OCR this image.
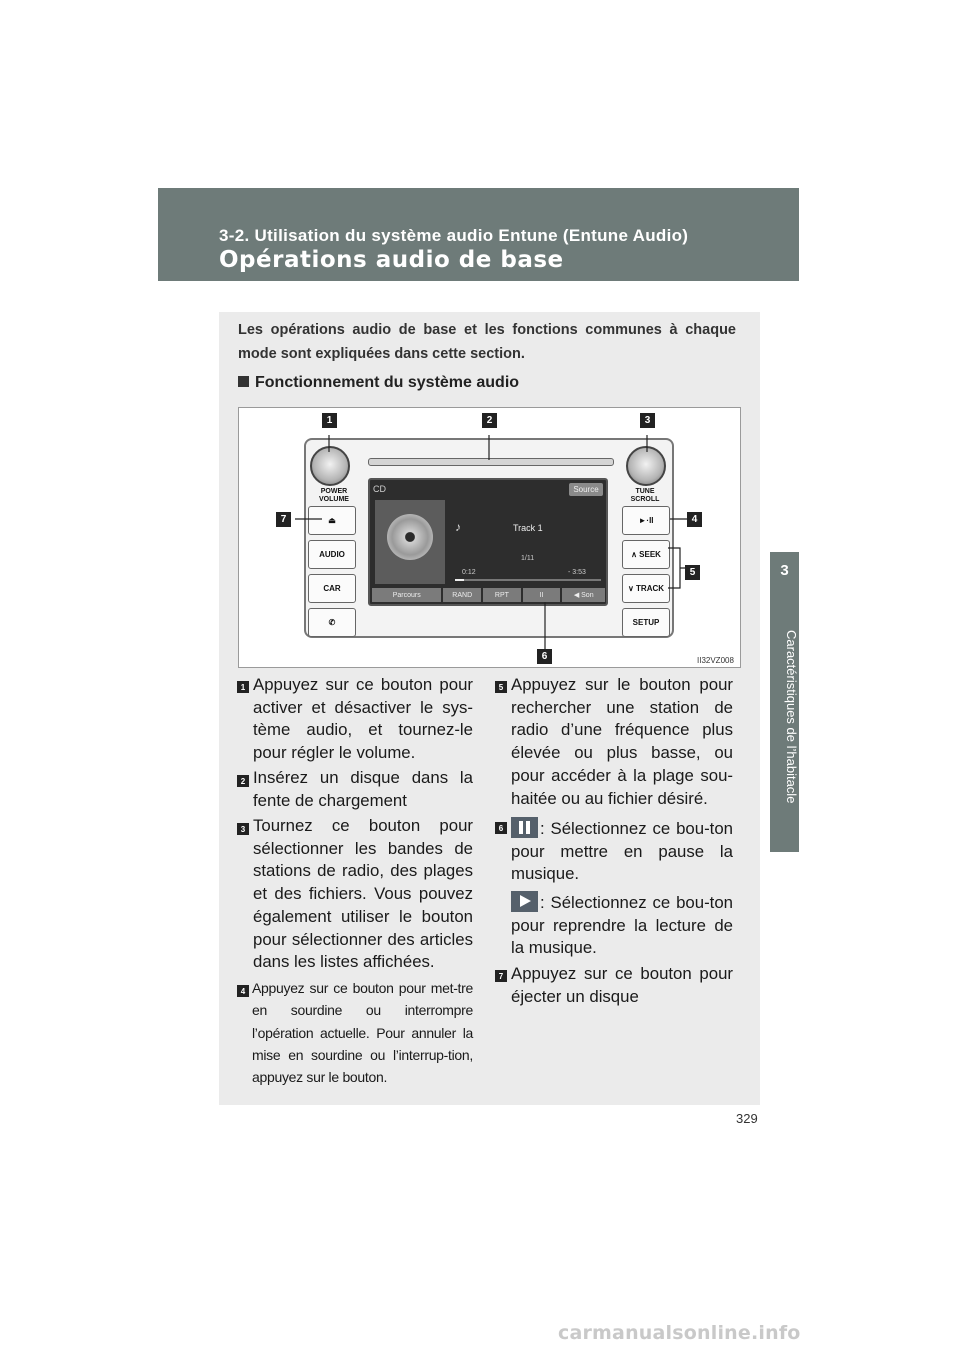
3-2. Utilisation du système audio Entune (Entune Audio)
Opérations audio de base
3
Caractéristiques de l’habitacle
Les opérations audio de base et les fonctions communes à chaque mode sont expliquées dans cette section.
Fonctionnement du système audio
POWER
VOLUME
TUNE
SCROLL
⏏
AUDIO
CAR
✆
►·II
∧ SEEK
∨ TRACK
SETUP
CD	Source
♪	Track 1
1/11
0:12	- 3:53
Parcours	RAND	RPT	II	◀ Son
1	2	3
4
5
6
7
II32VZ008
1 Appuyez sur ce bouton pour activer et désactiver le sys-tème audio, et tournez-le pour régler le volume.
2 Insérez un disque dans la fente de chargement
3 Tournez ce bouton pour sélectionner les bandes de stations de radio, des plages et des fichiers. Vous pouvez également utiliser le bouton pour sélectionner des articles dans les listes affichées.
4 Appuyez sur ce bouton pour met-tre en sourdine ou interrompre l’opération actuelle. Pour annuler la mise en sourdine ou l’interrup-tion, appuyez sur le bouton.
5 Appuyez sur le bouton pour rechercher une station de radio d’une fréquence plus élevée ou plus basse, ou pour accéder à la plage sou-haitée ou au fichier désiré.
6	: Sélectionnez ce bou-ton pour mettre en pause la musique.
: Sélectionnez ce bou-ton pour reprendre la lecture de la musique.
7 Appuyez sur ce bouton pour éjecter un disque
329
carmanualsonline.info
